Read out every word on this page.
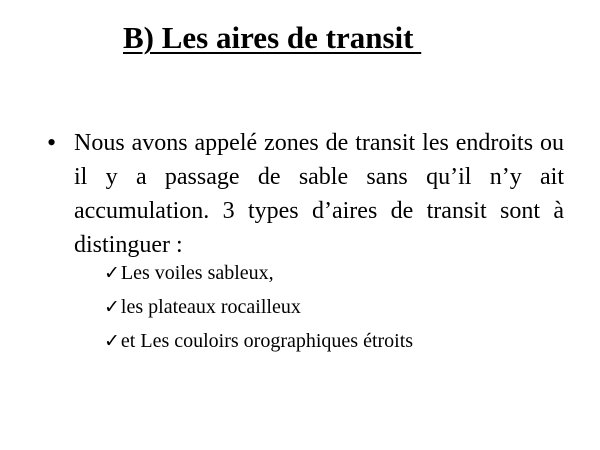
B) Les aires de transit
• Nous avons appelé zones de transit les endroits ou il y a passage de sable sans qu’il n’y ait accumulation. 3 types d’aires de transit sont à distinguer :

✓Les voiles sableux,
✓les plateaux rocailleux
✓et Les couloirs orographiques étroits
